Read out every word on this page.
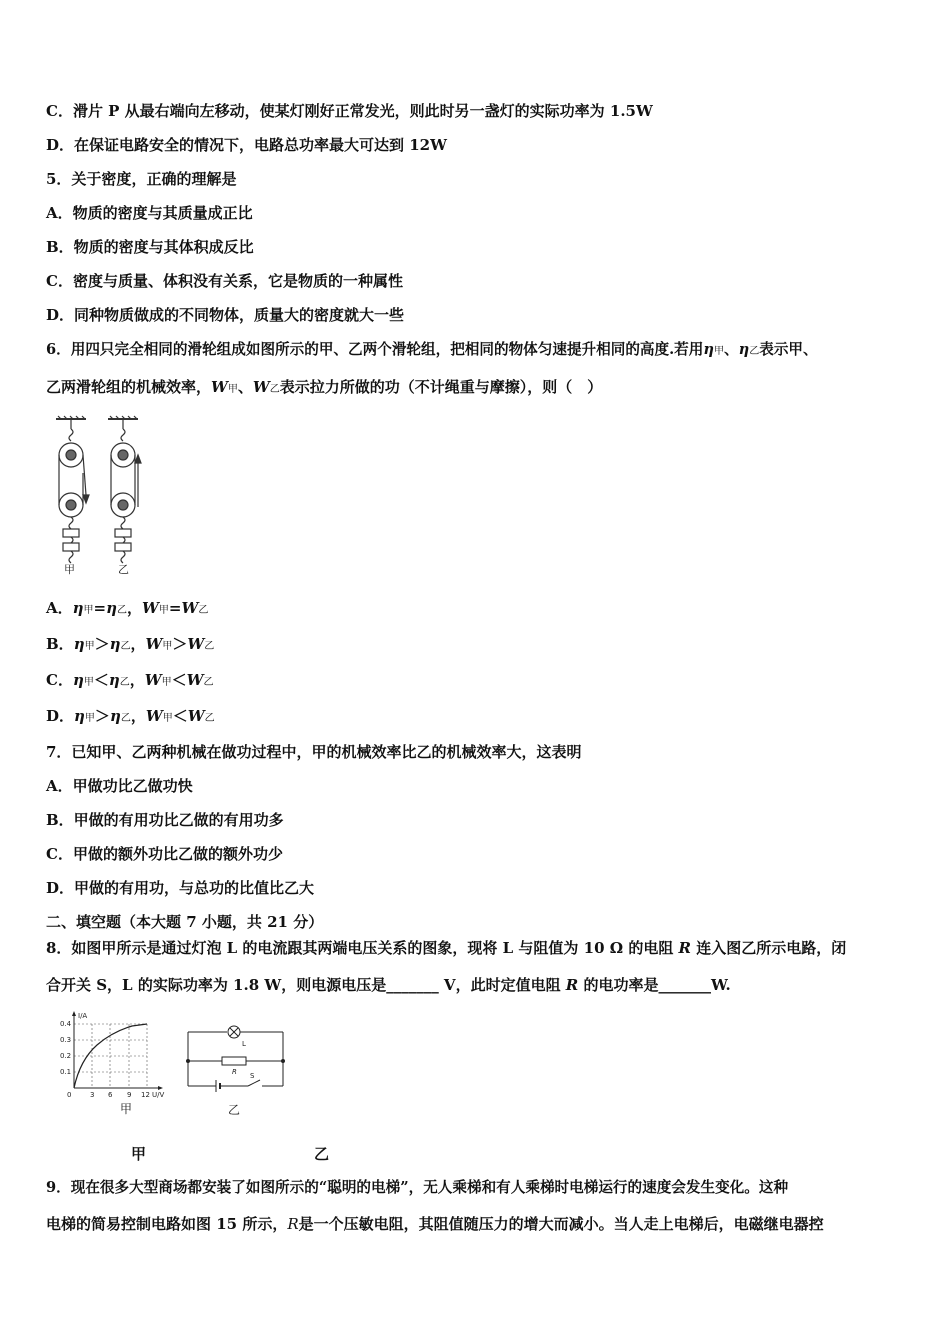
C．滑片 P 从最右端向左移动，使某灯刚好正常发光，则此时另一盏灯的实际功率为 1.5W
D．在保证电路安全的情况下，电路总功率最大可达到 12W
5．关于密度，正确的理解是
A．物质的密度与其质量成正比
B．物质的密度与其体积成反比
C．密度与质量、体积没有关系，它是物质的一种属性
D．同种物质做成的不同物体，质量大的密度就大一些
6．用四只完全相同的滑轮组成如图所示的甲、乙两个滑轮组，把相同的物体匀速提升相同的高度.若用η甲、η乙表示甲、
乙两滑轮组的机械效率，W甲、W乙表示拉力所做的功（不计绳重与摩擦），则（　）
甲	乙
A．η甲=η乙，W甲=W乙
B．η甲＞η乙，W甲＞W乙
C．η甲＜η乙，W甲＜W乙
D．η甲＞η乙，W甲＜W乙
7．已知甲、乙两种机械在做功过程中，甲的机械效率比乙的机械效率大，这表明
A．甲做功比乙做功快
B．甲做的有用功比乙做的有用功多
C．甲做的额外功比乙做的额外功少
D．甲做的有用功，与总功的比值比乙大
二、填空题（本大题 7 小题，共 21 分）
8．如图甲所示是通过灯泡 L 的电流跟其两端电压关系的图象，现将 L 与阻值为 10 Ω 的电阻 R 连入图乙所示电路，闭
合开关 S，L 的实际功率为 1.8 W，则电源电压是_______ V，此时定值电阻 R 的电功率是_______W.
I/A
U/V
0
0.4
0.3
0.2
0.1
3 6 9 12
甲
L
R S
乙
甲	乙
9．现在很多大型商场都安装了如图所示的“聪明的电梯”，无人乘梯和有人乘梯时电梯运行的速度会发生变化。这种
电梯的简易控制电路如图 15 所示，R是一个压敏电阻，其阻值随压力的增大而减小。当人走上电梯后，电磁继电器控
